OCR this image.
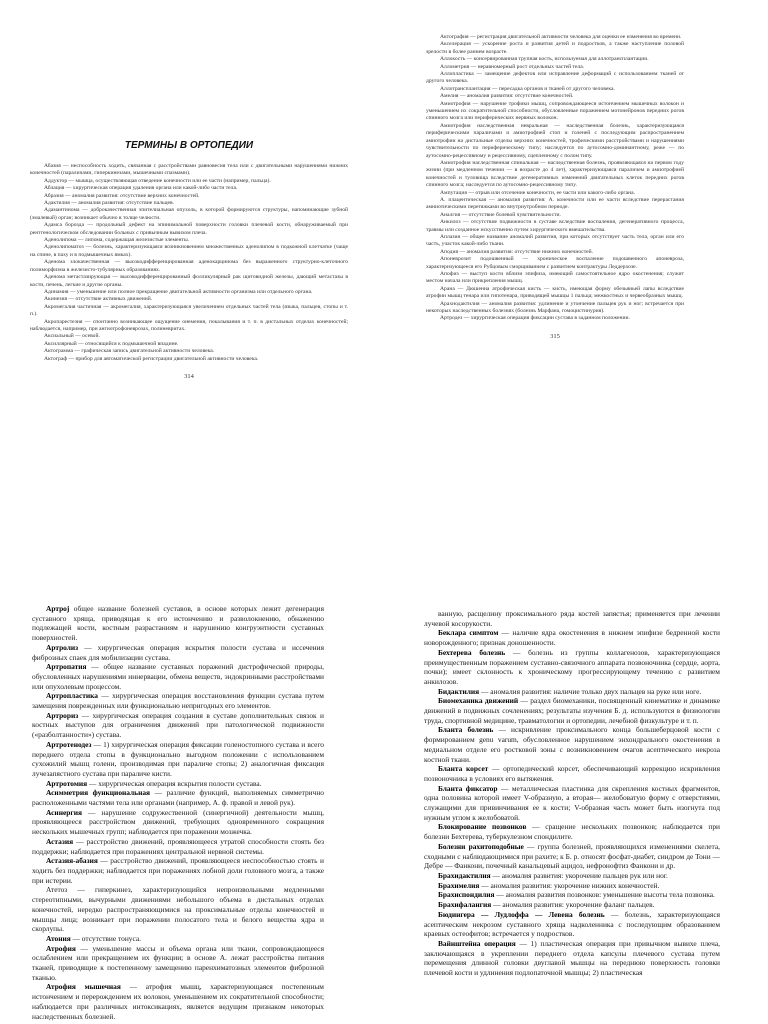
ТЕРМИНЫ В ОРТОПЕДИИ

Абазия — неспособность ходить, связанная с расстройствами равновесия тела или с двигательными нарушениями нижних конечностей (параличами, гиперкинезами, мышечными спазмами).

Аддуктор — мышца, осуществляющая отведение конечности или ее части (например, пальца).

Аблация — хирургическая операция удаления органа или какой-либо части тела.

Абразия — аномалия развития: отсутствие верхних конечностей.

Адактилия — аномалия развития: отсутствие пальцев.

Адамантинома — доброкачественная эпителиальная опухоль, в которой формируются структуры, напоминающие зубной (эмалевый) орган; возникает обычно в толще челюсти.

Адамса борозда — продольный дефект на эпинимальной поверхности головки плечевой кости, обнаруживаемый при рентгенологическом обследовании больных с привычным вывихом плеча.

Аденолипома — липома, содержащая железистые элементы.

Аденолипоматоз — болезнь, характеризующаяся возникновением множественных аденолипом в подкожной клетчатке (чаще на спине, в паху и в подмышечных ямках).

Аденома злокачественная — высокодифференцированная аденокарцинома без выраженного структурно-клеточного полиморфизма в железисто-тубулярных образованиях.

Аденома метастазирующая — высокодифференцированный фолликулярный рак щитовидной железы, дающий метастазы в кости, печень, легкие и другие органы.

Адинамия — уменьшение или полное прекращение двигательной активности организма или отдельного органа.

Акинезия — отсутствие активных движений.

Акромегалия частичная — акромегалия, характеризующаяся увеличением отдельных частей тела (языка, пальцев, стопы и т. п.).

Акропарестезия — спонтанно возникающее ощущение онемения, покалывания и т. п. в дистальных отделах конечностей; наблюдается, например, при ангиотрофоневрозах, полиневритах.

Аксиальный — осевой.

Аксиллярный — относящийся к подмышечной впадине.

Актограмма — графическая запись двигательной активности человека.

Актограф — прибор для автоматической регистрации двигательной активности человека.

314

Актография — регистрация двигательной активности человека для оценки ее изменения во времени.

Акселерация — ускорение роста и развития детей и подростков, а также наступление половой зрелости в более раннем возрасте.

Аллокость — консервированная трупная кость, используемая для аллотрансплантации.

Аллометрия — неравномерный рост отдельных частей тела.

Аллопластика — замещение дефектов или исправление деформаций с использованием тканей от другого человека.

Аллотрансплантация — пересадка органов и тканей от другого человека.

Амелия — аномалия развития: отсутствие конечностей.

Амиотрофия — нарушение трофики мышц, сопровождающееся истончением мышечных волокон и уменьшением их сократительной способности, обусловленные поражением мотонейронов передних рогов спинного мозга или периферических нервных волокон.

Амиотрофия наследственная невральная — наследственная болезнь, характеризующаяся периферическими параличами и амиотрофией стоп и голеней с последующим распространением амиотрофии на дистальные отделы верхних конечностей, трофическими расстройствами и нарушениями чувствительности по периферическому типу; наследуется по аутосомно-доминантному, реже — по аутосомно-рецессивному и рецессивному, сцепленному с полом типу.

Амиотрофия наследственная спинальная — наследственная болезнь, проявляющаяся на первом году жизни (при медленном течении — в возрасте до 4 лет), характеризующаяся параличем и амиотрофией конечностей и туловища вследствие дегенеративных изменений двигательных клеток передних рогов спинного мозга; наследуется по аутосомно-рецессивному типу.

Ампутация — отрыв или отсечение конечности, ее части или какого-либо органа.

А. плацентическая — аномалия развития: А. конечности или ее части вследствие перерастания амниотическими перетяжками во внутриутробном периоде.

Аналгия — отсутствие болевой чувствительности.

Анкилоз — отсутствие подвижности в суставе вследствие воспаления, дегенеративного процесса, травмы или созданное искусственно путем хирургического вмешательства.

Аплазия — общее название аномалий развития, при которых отсутствует часть тела, орган или его часть, участок какой-либо ткани.

Аподия — аномалия развития: отсутствие нижних конечностей.

Апоневрозит подошвенный — хроническое воспаление подошвенного апоневроза, характеризующееся его Рубцовым сморщиванием с развитием контрактуры Леддерхозе.

Апофиз — выступ кости вблизи эпифиза, имеющий самостоятельное ядро окостенения; служит местом начала или прикрепления мышц.

Арана — Дюшенна атрофическая кисть — кисть, имеющая форму обезьяньей лапы вследствие атрофии мышц тенара или гипотенара, приводящей мышцы 1 пальца; межкостных и червеобразных мышц.

Арахнодактилия — аномалия развития: удлинение и утончение пальцев рук и ног; встречается при некоторых наследственных болезнях (болезнь Марфана, гомоцистинурия).

Артродез — хирургическая операция фиксации сустава в заданном положении.

315

Артрoj общее название болезней суставов, в основе которых лежит дегенерация суставного хряща, приводящая к его истончению и разволокнению, обнажению подлежащей кости, костным разрастаниям и нарушению конгруэнтности суставных поверхностей.

Артролиз — хирургическая операция вскрытия полости сустава и иссечения фиброзных спаек для мобилизации сустава.

Артропатия — общее название суставных поражений дистрофической природы, обусловленных нарушениями иннервации, обмена веществ, эндокринными расстройствами или опухолевым процессом.

Артропластика — хирургическая операция восстановления функции сустава путем замещения поврежденных или функционально непригодных его элементов.

Артрориз — хирургическая операция создания в суставе дополнительных связок и костных выступов для ограничения движений при патологической подвижности («разболтанности») сустава.

Артротенодез — 1) хирургическая операция фиксации голеностопного сустава и всего переднего отдела стопы в функционально выгодном положении с использованием сухожилий мышц голени, производимая при параличе стопы; 2) аналогичная фиксация лучезапястного сустава при параличе кисти.

Артротомия — хирургическая операция вскрытия полости сустава.

Асимметрия функциональная — различие функций, выполняемых симметрично расположенными частями тела или органами (например, А. ф. правой и левой рук).

Асинергия — нарушение содружественной (синергичной) деятельности мышц, проявляющееся расстройством движений, требующих одновременного сокращения нескольких мышечных групп; наблюдается при поражении мозжечка.

Астазия — расстройство движений, проявляющееся утратой способности стоять без поддержки; наблюдается при поражениях центральной нервной системы.

Астазия-абазия — расстройство движений, проявляющееся неспособностью стоять и ходить без поддержки; наблюдается при поражениях лобной доли головного мозга, а также при истерии.

Атетоз — гиперкинез, характеризующийся непроизвольными медленными стереотипными, вычурными движениями небольшого объема в дистальных отделах конечностей, нередко распространяющимися на проксимальные отделы конечностей и мышцы лица; возникает при поражении полосатого тела и белого вещества ядра и скорлупы.

Атония — отсутствие тонуса.

Атрофия — уменьшение массы и объема органа или ткани, сопровождающееся ослаблением или прекращением их функции; в основе А. лежат расстройства питания тканей, приводящие к постепенному замещению паренхиматозных элементов фиброзной тканью.

Атрофия мышечная — атрофия мышц, характеризующаяся постепенным истончением и перерождением их волокон, уменьшением их сократительной способности; наблюдается при различных интоксикациях, является ведущим признаком некоторых наследственных болезней.

ванную, расщелину проксимального ряда костей запястья; применяется при лечении лучевой косорукости.

Беклара симптом — наличие ядра окостенения в нижнем эпифизе бедренной кости новорожденного; признак доношенности.

Бехтерева болезнь — болезнь из группы коллагенозов, характеризующаяся преимущественным поражением суставно-связочного аппарата позвоночника (сердце, аорта, почки); имеет склонность к хроническому прогрессирующему течению с развитием анкилозов.

Бидактилия — аномалия развития: наличие только двух пальцев на руке или ноге.

Биомеханика движений — раздел биомеханики, посвященный кинематике и динамике движений в подвижных сочленениях; результаты изучения Б. д. используются в физиологии труда, спортивной медицине, травматологии и ортопедии, лечебной физкультуре и т. п.

Бланта болезнь — искривление проксимального конца большеберцовой кости с формированием genu varum, обусловленное нарушением энхондрального окостенения в медиальном отделе его ростковой зоны с возникновением очагов асептического некроза костной ткани.

Бланта корсет — ортопедический корсет, обеспечивающий коррекцию искривления позвоночника в условиях его вытяжения.

Бланта фиксатор — металлическая пластинка для скрепления костных фрагментов, одна половина которой имеет V-образную, а вторая— желобоватую форму с отверстиями, служащими для привинчивания ее к кости; V-образная часть может быть изогнута под нужным углом к желобоватой.

Блокирование позвонков — сращение нескольких позвонков; наблюдается при болезни Бехтерева, туберкулезном спондилите.

Болезни рахитоподобные — группа болезней, проявляющихся изменениями скелета, сходными с наблюдающимися при рахите; к Б. р. относят фосфат-диабет, синдром де Тони — Дебре — Фанкони, почечный канальцевый ацидоз, нефронофтиз Фанкони и др.

Брахидактилия — аномалия развития: укорочение пальцев рук или ног.

Брахимелия — аномалия развития: укорочение нижних конечностей.

Брахиспондилия — аномалия развития позвонков: уменьшение высоты тела позвонка.

Брахифалангия — аномалия развития: укорочение фаланг пальцев.

Бюдингера — Лудлоффа — Левена болезнь — болезнь, характеризующаяся асептическим некрозом суставного хряща надколенника с последующим образованием краевых остеофитов; встречается у подростков.

Вайнштейна операция — 1) пластическая операция при привычном вывихе плеча, заключающаяся в укреплении переднего отдела капсулы плечевого сустава путем перемещения длинной головки двуглавой мышцы на переднюю поверхность головки плечевой кости и удлинения подлопаточной мышцы; 2) пластическая
